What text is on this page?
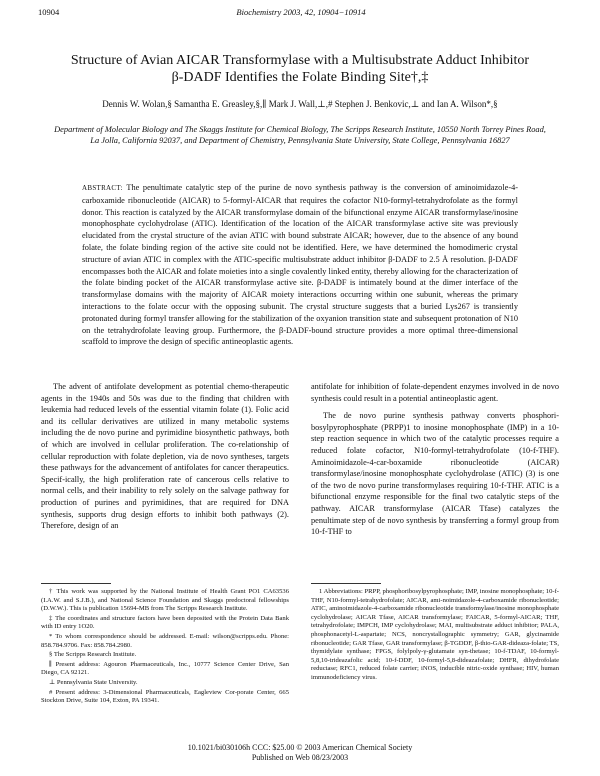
10904	Biochemistry 2003, 42, 10904−10914
Structure of Avian AICAR Transformylase with a Multisubstrate Adduct Inhibitor
β-DADF Identifies the Folate Binding Site†,‡
Dennis W. Wolan,§ Samantha E. Greasley,§,∥ Mark J. Wall,⊥,# Stephen J. Benkovic,⊥ and Ian A. Wilson*,§
Department of Molecular Biology and The Skaggs Institute for Chemical Biology, The Scripps Research Institute, 10550 North Torrey Pines Road, La Jolla, California 92037, and Department of Chemistry, Pennsylvania State University, State College, Pennsylvania 16827
ABSTRACT: The penultimate catalytic step of the purine de novo synthesis pathway is the conversion of aminoimidazole-4-carboxamide ribonucleotide (AICAR) to 5-formyl-AICAR that requires the cofactor N10-formyl-tetrahydrofolate as the formyl donor. This reaction is catalyzed by the AICAR transformylase domain of the bifunctional enzyme AICAR transformylase/inosine monophosphate cyclohydrolase (ATIC). Identification of the location of the AICAR transformylase active site was previously elucidated from the crystal structure of the avian ATIC with bound substrate AICAR; however, due to the absence of any bound folate, the folate binding region of the active site could not be identified. Here, we have determined the homodimeric crystal structure of avian ATIC in complex with the ATIC-specific multisubstrate adduct inhibitor β-DADF to 2.5 Å resolution. β-DADF encompasses both the AICAR and folate moieties into a single covalently linked entity, thereby allowing for the characterization of the folate binding pocket of the AICAR transformylase active site. β-DADF is intimately bound at the dimer interface of the transformylase domains with the majority of AICAR moiety interactions occurring within one subunit, whereas the primary interactions to the folate occur with the opposing subunit. The crystal structure suggests that a buried Lys267 is transiently protonated during formyl transfer allowing for the stabilization of the oxyanion transition state and subsequent protonation of N10 on the tetrahydrofolate leaving group. Furthermore, the β-DADF-bound structure provides a more optimal three-dimensional scaffold to improve the design of specific antineoplastic agents.

The advent of antifolate development as potential chemo-therapeutic agents in the 1940s and 50s was due to the finding that children with leukemia had reduced levels of the essential vitamin folate (1). Folic acid and its cellular derivatives are utilized in many metabolic systems including the de novo purine and pyrimidine biosynthetic pathways, both of which are involved in cellular proliferation. The co-relationship of cellular reproduction with folate depletion, via de novo syntheses, targets these pathways for the advancement of antifolates for cancer therapeutics. Specif-ically, the high proliferation rate of cancerous cells relative to normal cells, and their inability to rely solely on the salvage pathway for production of purines and pyrimidines, that are required for DNA synthesis, supports drug design efforts to inhibit both pathways (2). Therefore, design of an

antifolate for inhibition of folate-dependent enzymes involved in de novo synthesis could result in a potential antineoplastic agent.

The de novo purine synthesis pathway converts phosphori-bosylpyrophosphate (PRPP)1 to inosine monophosphate (IMP) in a 10-step reaction sequence in which two of the catalytic processes require a reduced folate cofactor, N10-formyl-tetrahydrofolate (10-f-THF). Aminoimidazole-4-car-boxamide ribonucleotide (AICAR) transformylase/inosine monophosphate cyclohydrolase (ATIC) (3) is one of the two de novo purine transformylases requiring 10-f-THF. ATIC is a bifunctional enzyme responsible for the final two catalytic steps of the pathway. AICAR transformylase (AICAR Tfase) catalyzes the penultimate step of de novo synthesis by transferring a formyl group from 10-f-THF to

† This work was supported by the National Institute of Health Grant PO1 CA63536 (I.A.W. and S.J.B.), and National Science Foundation and Skaggs predoctoral fellowships (D.W.W.). This is publication 15694-MB from The Scripps Research Institute.

‡ The coordinates and structure factors have been deposited with the Protein Data Bank with ID entry 1O20.

* To whom correspondence should be addressed. E-mail: wilson@scripps.edu. Phone: 858.784.9706. Fax: 858.784.2980.

§ The Scripps Research Institute.

∥ Present address: Agouron Pharmaceuticals, Inc., 10777 Science Center Drive, San Diego, CA 92121.

⊥ Pennsylvania State University.

# Present address: 3-Dimensional Pharmaceuticals, Eagleview Cor-porate Center, 665 Stockton Drive, Suite 104, Exton, PA 19341.

1 Abbreviations: PRPP, phosphoribosylpyrophosphate; IMP, inosine monophosphate; 10-f-THF, N10-formyl-tetrahydrofolate; AICAR, ami-noimidazole-4-carboxamide ribonucleotide; ATIC, aminoimidazole-4-carboxamide ribonucleotide transformylase/inosine monophosphate cyclohydrolase; AICAR Tfase, AICAR transformylase; FAICAR, 5-formyl-AICAR; THF, tetrahydrofolate; IMPCH, IMP cyclohydrolase; MAI, multisubstrate adduct inhibitor; PALA, phosphonacetyl-L-aspartate; NCS, noncrystallographic symmetry; GAR, glycinamide ribonucleotide; GAR Tfase, GAR transformylase; β-TGDDF, β-thio-GAR-dideaza-folate; TS, thymidylate synthase; FPGS, folylpoly-γ-glutamate syn-thetase; 10-f-TDAF, 10-formyl-5,8,10-trideazafolic acid; 10-f-DDF, 10-formyl-5,8-dideazafolate; DHFR, dihydrofolate reductase; RFC1, reduced folate carrier; iNOS, inducible nitric-oxide synthase; HIV, human immunodeficiency virus.

10.1021/bi030106h CCC: $25.00 © 2003 American Chemical Society
Published on Web 08/23/2003
